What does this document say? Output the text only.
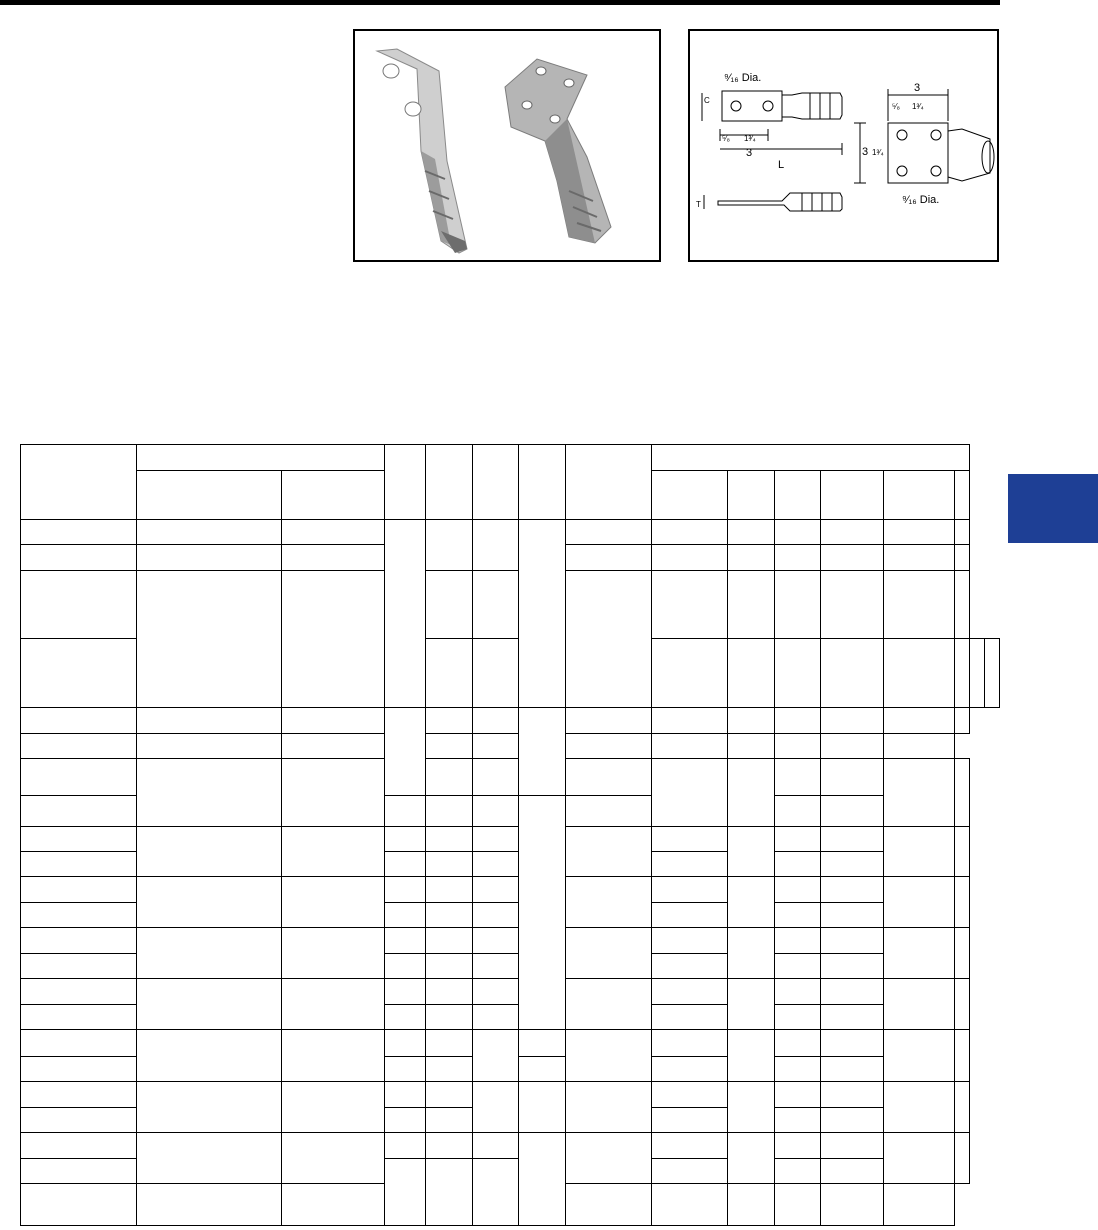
⁹⁄₁₆ Dia.
C
⁵⁄₈ 1³⁄₄
3
L
T
3
⁵⁄₈ 1³⁄₄
3 1³⁄₄
⁹⁄₁₆ Dia.
